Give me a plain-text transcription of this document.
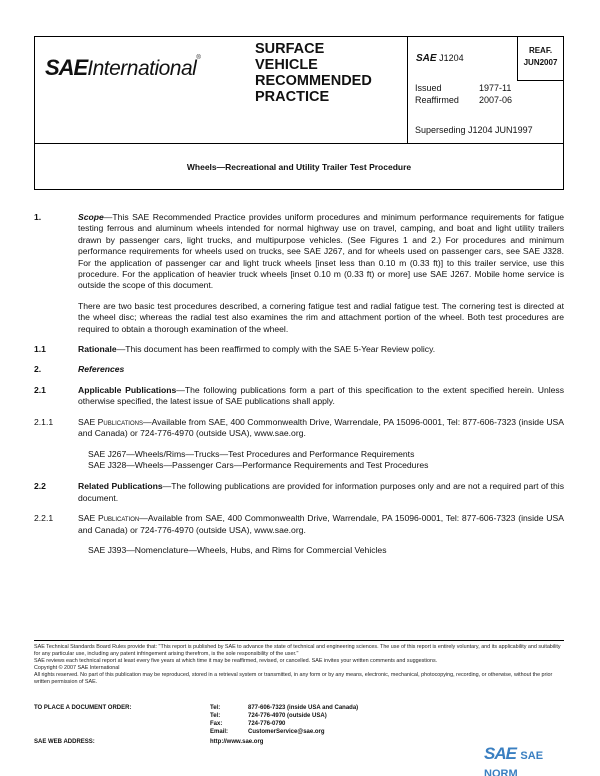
SAEInternational®
SURFACE
VEHICLE
RECOMMENDED
PRACTICE
SAE J1204
REAF.
JUN2007
Issued	1977-11
Reaffirmed 2007-06
Superseding J1204 JUN1997
Wheels—Recreational and Utility Trailer Test Procedure
1.	Scope—This SAE Recommended Practice provides uniform procedures and minimum performance requirements for fatigue testing ferrous and aluminum wheels intended for normal highway use on travel, camping, and boat and light utility trailers drawn by passenger cars, light trucks, and multipurpose vehicles. (See Figures 1 and 2.) For procedures and minimum performance requirements for wheels used on trucks, see SAE J267, and for wheels used on passenger cars, see SAE J328. For the application of passenger car and light truck wheels [inset less than 0.10 m (0.33 ft)] to this trailer service, use this procedure. For the application of heavier truck wheels [inset 0.10 m (0.33 ft) or more] use SAE J267. Mobile home service is outside the scope of this document.
There are two basic test procedures described, a cornering fatigue test and radial fatigue test. The cornering test is directed at the wheel disc; whereas the radial test also examines the rim and attachment portion of the wheel. Both test procedures are required to obtain a thorough examination of the wheel.
1.1	Rationale—This document has been reaffirmed to comply with the SAE 5-Year Review policy.
2.	References
2.1	Applicable Publications—The following publications form a part of this specification to the extent specified herein. Unless otherwise specified, the latest issue of SAE publications shall apply.
2.1.1	SAE Publications—Available from SAE, 400 Commonwealth Drive, Warrendale, PA 15096-0001, Tel: 877-606-7323 (inside USA and Canada) or 724-776-4970 (outside USA), www.sae.org.
SAE J267—Wheels/Rims—Trucks—Test Procedures and Performance Requirements
SAE J328—Wheels—Passenger Cars—Performance Requirements and Test Procedures
2.2	Related Publications—The following publications are provided for information purposes only and are not a required part of this document.
2.2.1	SAE Publication—Available from SAE, 400 Commonwealth Drive, Warrendale, PA 15096-0001, Tel: 877-606-7323 (inside USA and Canada) or 724-776-4970 (outside USA), www.sae.org.
SAE J393—Nomenclature—Wheels, Hubs, and Rims for Commercial Vehicles
SAE Technical Standards Board Rules provide that: "This report is published by SAE to advance the state of technical and engineering sciences. The use of this report is entirely voluntary, and its applicability and suitability for any particular use, including any patent infringement arising therefrom, is the sole responsibility of the user."
SAE reviews each technical report at least every five years at which time it may be reaffirmed, revised, or cancelled. SAE invites your written comments and suggestions.
Copyright © 2007 SAE International
All rights reserved. No part of this publication may be reproduced, stored in a retrieval system or transmitted, in any form or by any means, electronic, mechanical, photocopying, recording, or otherwise, without the prior written permission of SAE.
TO PLACE A DOCUMENT ORDER:	Tel:	877-606-7323 (inside USA and Canada)
Tel:	724-776-4970 (outside USA)
Fax:	724-776-0790
Email:	CustomerService@sae.org
SAE WEB ADDRESS:	http://www.sae.org
SAE SAE NORM
